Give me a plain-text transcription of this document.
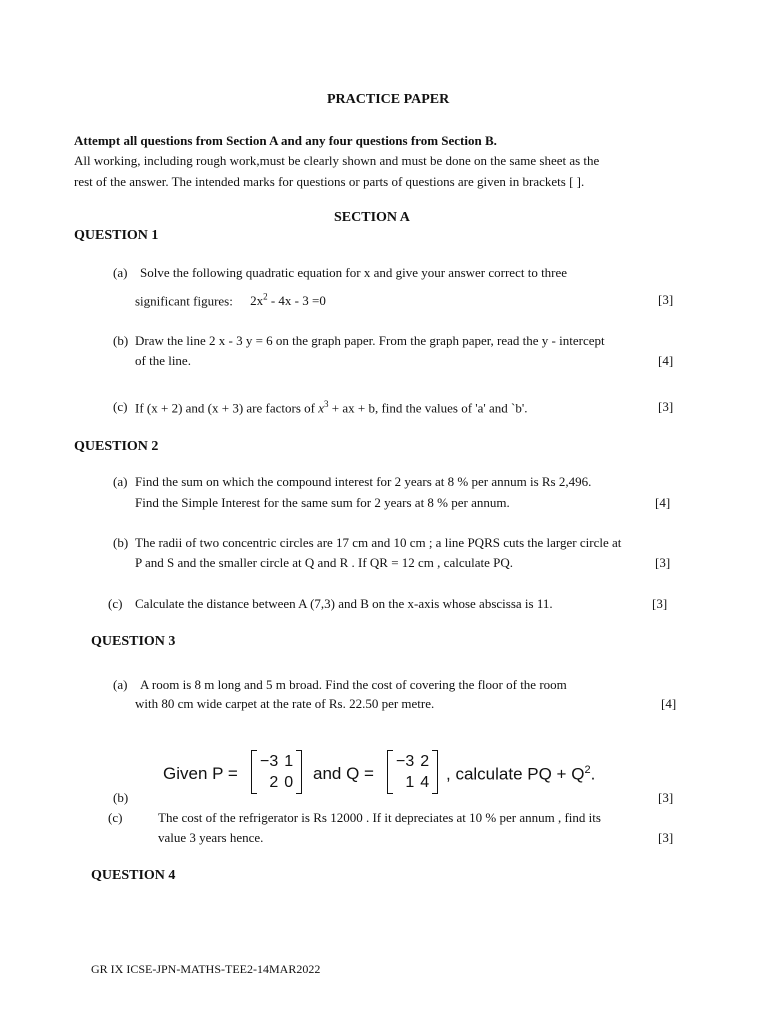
PRACTICE PAPER
Attempt all questions from Section A and any four questions from Section B.
All working, including rough work,must be clearly shown and must be done on the same sheet as the
rest of the answer. The intended marks for questions or parts of questions are given in brackets [ ].
SECTION A
QUESTION 1
(a) Solve the following quadratic equation for x and give your answer correct to three
significant figures: $2x^2 - 4x - 3 =0$	[3]
(b) Draw the line 2 x - 3 y = 6 on the graph paper. From the graph paper, read the y - intercept
of the line.	[4]
(c) If (x + 2) and (x + 3) are factors of $x^3$ + ax + b, find the values of 'a' and `b'.	[3]
QUESTION 2
(a) Find the sum on which the compound interest for 2 years at 8 % per annum is Rs 2,496.
Find the Simple Interest for the same sum for 2 years at 8 % per annum.	[4]
(b) The radii of two concentric circles are 17 cm and 10 cm ; a line PQRS cuts the larger circle at
P and S and the smaller circle at Q and R . If QR = 12 cm , calculate PQ.	[3]
(c) Calculate the distance between A (7,3) and B on the x-axis whose abscissa is 11.	[3]
QUESTION 3
(a) A room is 8 m long and 5 m broad. Find the cost of covering the floor of the room
with 80 cm wide carpet at the rate of Rs. 22.50 per metre.	[4]
Given P =
−3 1
2 0 and Q =
−3 2
1 4 , calculate PQ + $Q^2$.
(b)	[3]
(c)	The cost of the refrigerator is Rs 12000 . If it depreciates at 10 % per annum , find its
value 3 years hence.	[3]
QUESTION 4
GR IX ICSE-JPN-MATHS-TEE2-14MAR2022
